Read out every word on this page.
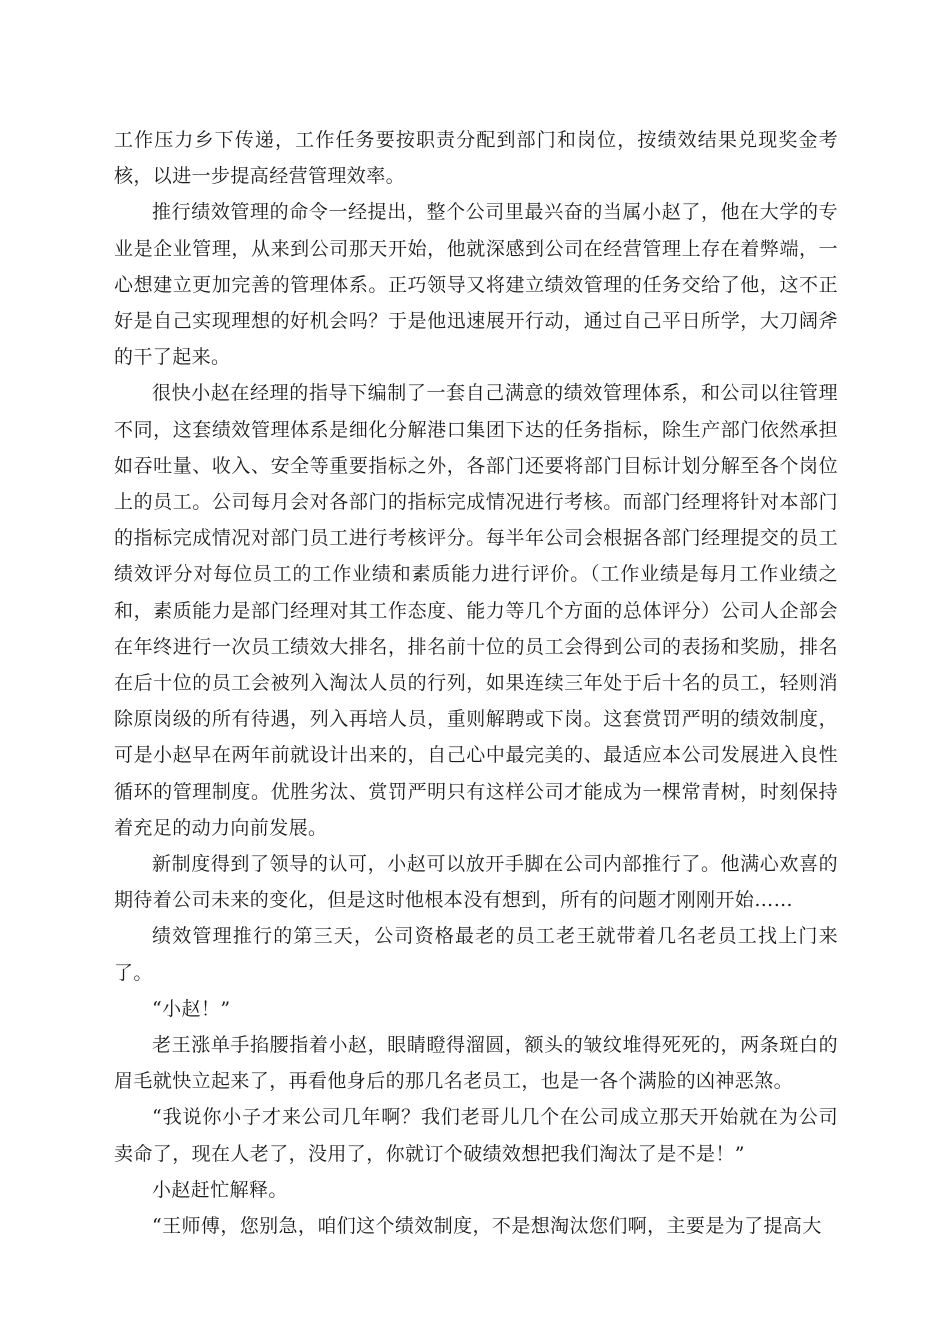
工作压力乡下传递，工作任务要按职责分配到部门和岗位，按绩效结果兑现奖金考核，以进一步提高经营管理效率。

推行绩效管理的命令一经提出，整个公司里最兴奋的当属小赵了，他在大学的专业是企业管理，从来到公司那天开始，他就深感到公司在经营管理上存在着弊端，一心想建立更加完善的管理体系。正巧领导又将建立绩效管理的任务交给了他，这不正好是自己实现理想的好机会吗？于是他迅速展开行动，通过自己平日所学，大刀阔斧的干了起来。

很快小赵在经理的指导下编制了一套自己满意的绩效管理体系，和公司以往管理不同，这套绩效管理体系是细化分解港口集团下达的任务指标，除生产部门依然承担如吞吐量、收入、安全等重要指标之外，各部门还要将部门目标计划分解至各个岗位上的员工。公司每月会对各部门的指标完成情况进行考核。而部门经理将针对本部门的指标完成情况对部门员工进行考核评分。每半年公司会根据各部门经理提交的员工绩效评分对每位员工的工作业绩和素质能力进行评价。（工作业绩是每月工作业绩之和，素质能力是部门经理对其工作态度、能力等几个方面的总体评分）公司人企部会在年终进行一次员工绩效大排名，排名前十位的员工会得到公司的表扬和奖励，排名在后十位的员工会被列入淘汰人员的行列，如果连续三年处于后十名的员工，轻则消除原岗级的所有待遇，列入再培人员，重则解聘或下岗。这套赏罚严明的绩效制度，可是小赵早在两年前就设计出来的，自己心中最完美的、最适应本公司发展进入良性循环的管理制度。优胜劣汰、赏罚严明只有这样公司才能成为一棵常青树，时刻保持着充足的动力向前发展。

新制度得到了领导的认可，小赵可以放开手脚在公司内部推行了。他满心欢喜的期待着公司未来的变化，但是这时他根本没有想到，所有的问题才刚刚开始……

绩效管理推行的第三天，公司资格最老的员工老王就带着几名老员工找上门来了。

“小赵！”

老王涨单手掐腰指着小赵，眼睛瞪得溜圆，额头的皱纹堆得死死的，两条斑白的眉毛就快立起来了，再看他身后的那几名老员工，也是一各个满脸的凶神恶煞。

“我说你小子才来公司几年啊？我们老哥儿几个在公司成立那天开始就在为公司卖命了，现在人老了，没用了，你就订个破绩效想把我们淘汰了是不是！”

小赵赶忙解释。

“王师傅，您别急，咱们这个绩效制度，不是想淘汰您们啊，主要是为了提高大
